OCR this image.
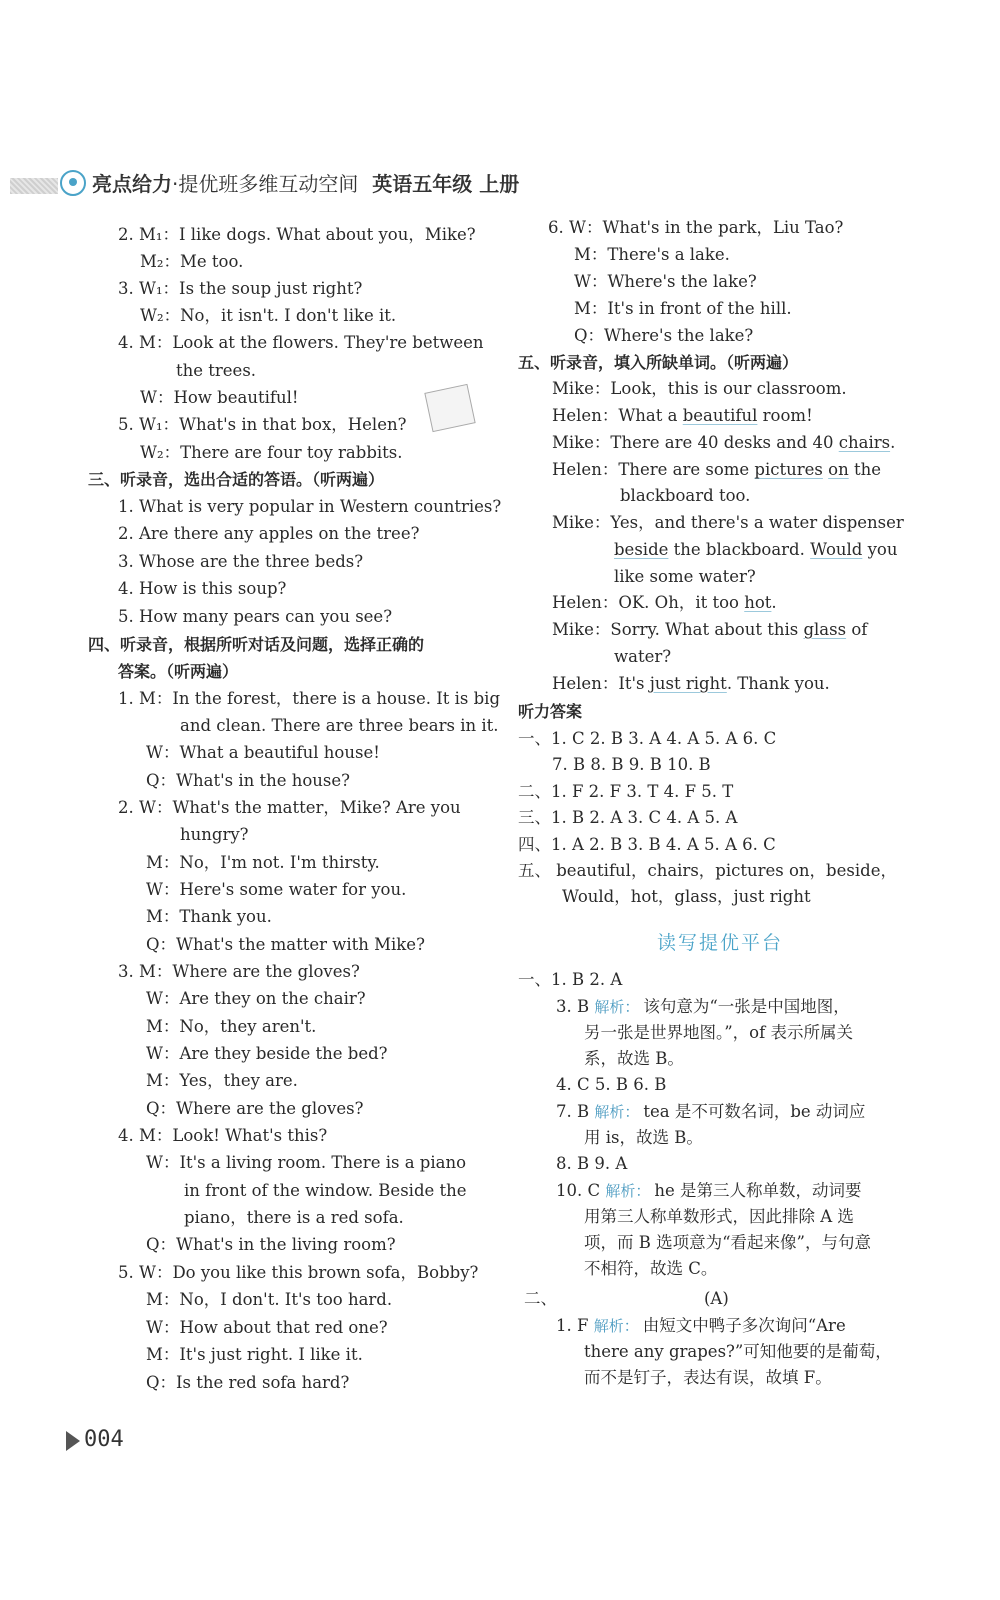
亮点给力·提优班多维互动空间 英语五年级 上册
2. M₁：I like dogs. What about you，Mike?
M₂：Me too.
3. W₁：Is the soup just right?
W₂：No，it isn't. I don't like it.
4. M：Look at the flowers. They're between
the trees.
W：How beautiful!
5. W₁：What's in that box，Helen?
W₂：There are four toy rabbits.
三、听录音，选出合适的答语。（听两遍）
1. What is very popular in Western countries?
2. Are there any apples on the tree?
3. Whose are the three beds?
4. How is this soup?
5. How many pears can you see?
四、听录音，根据所听对话及问题，选择正确的
答案。（听两遍）
1. M：In the forest，there is a house. It is big
and clean. There are three bears in it.
W：What a beautiful house!
Q：What's in the house?
2. W：What's the matter，Mike? Are you
hungry?
M：No，I'm not. I'm thirsty.
W：Here's some water for you.
M：Thank you.
Q：What's the matter with Mike?
3. M：Where are the gloves?
W：Are they on the chair?
M：No，they aren't.
W：Are they beside the bed?
M：Yes，they are.
Q：Where are the gloves?
4. M：Look! What's this?
W：It's a living room. There is a piano
in front of the window. Beside the
piano，there is a red sofa.
Q：What's in the living room?
5. W：Do you like this brown sofa，Bobby?
M：No，I don't. It's too hard.
W：How about that red one?
M：It's just right. I like it.
Q：Is the red sofa hard?
6. W：What's in the park，Liu Tao?
M：There's a lake.
W：Where's the lake?
M：It's in front of the hill.
Q：Where's the lake?
五、听录音，填入所缺单词。（听两遍）
Mike：Look，this is our classroom.
Helen：What a beautiful room!
Mike：There are 40 desks and 40 chairs.
Helen：There are some pictures on the
blackboard too.
Mike：Yes，and there's a water dispenser
beside the blackboard. Would you
like some water?
Helen：OK. Oh，it too hot.
Mike：Sorry. What about this glass of
water?
Helen：It's just right. Thank you.
听力答案
一、1. C 2. B 3. A 4. A 5. A 6. C
7. B 8. B 9. B 10. B
二、1. F 2. F 3. T 4. F 5. T
三、1. B 2. A 3. C 4. A 5. A
四、1. A 2. B 3. B 4. A 5. A 6. C
五、 beautiful，chairs，pictures on，beside，
Would，hot，glass，just right
一、1. B 2. A
3. B 解析： 该句意为“一张是中国地图，
另一张是世界地图。”，of 表示所属关
系，故选 B。
4. C 5. B 6. B
7. B 解析： tea 是不可数名词，be 动词应
用 is，故选 B。
8. B 9. A
10. C 解析： he 是第三人称单数，动词要
用第三人称单数形式，因此排除 A 选
项，而 B 选项意为“看起来像”，与句意
不相符，故选 C。
二、	(A)
1. F 解析： 由短文中鸭子多次询问“Are
there any grapes?”可知他要的是葡萄，
而不是钉子，表达有误，故填 F。
读写提优平台
004
